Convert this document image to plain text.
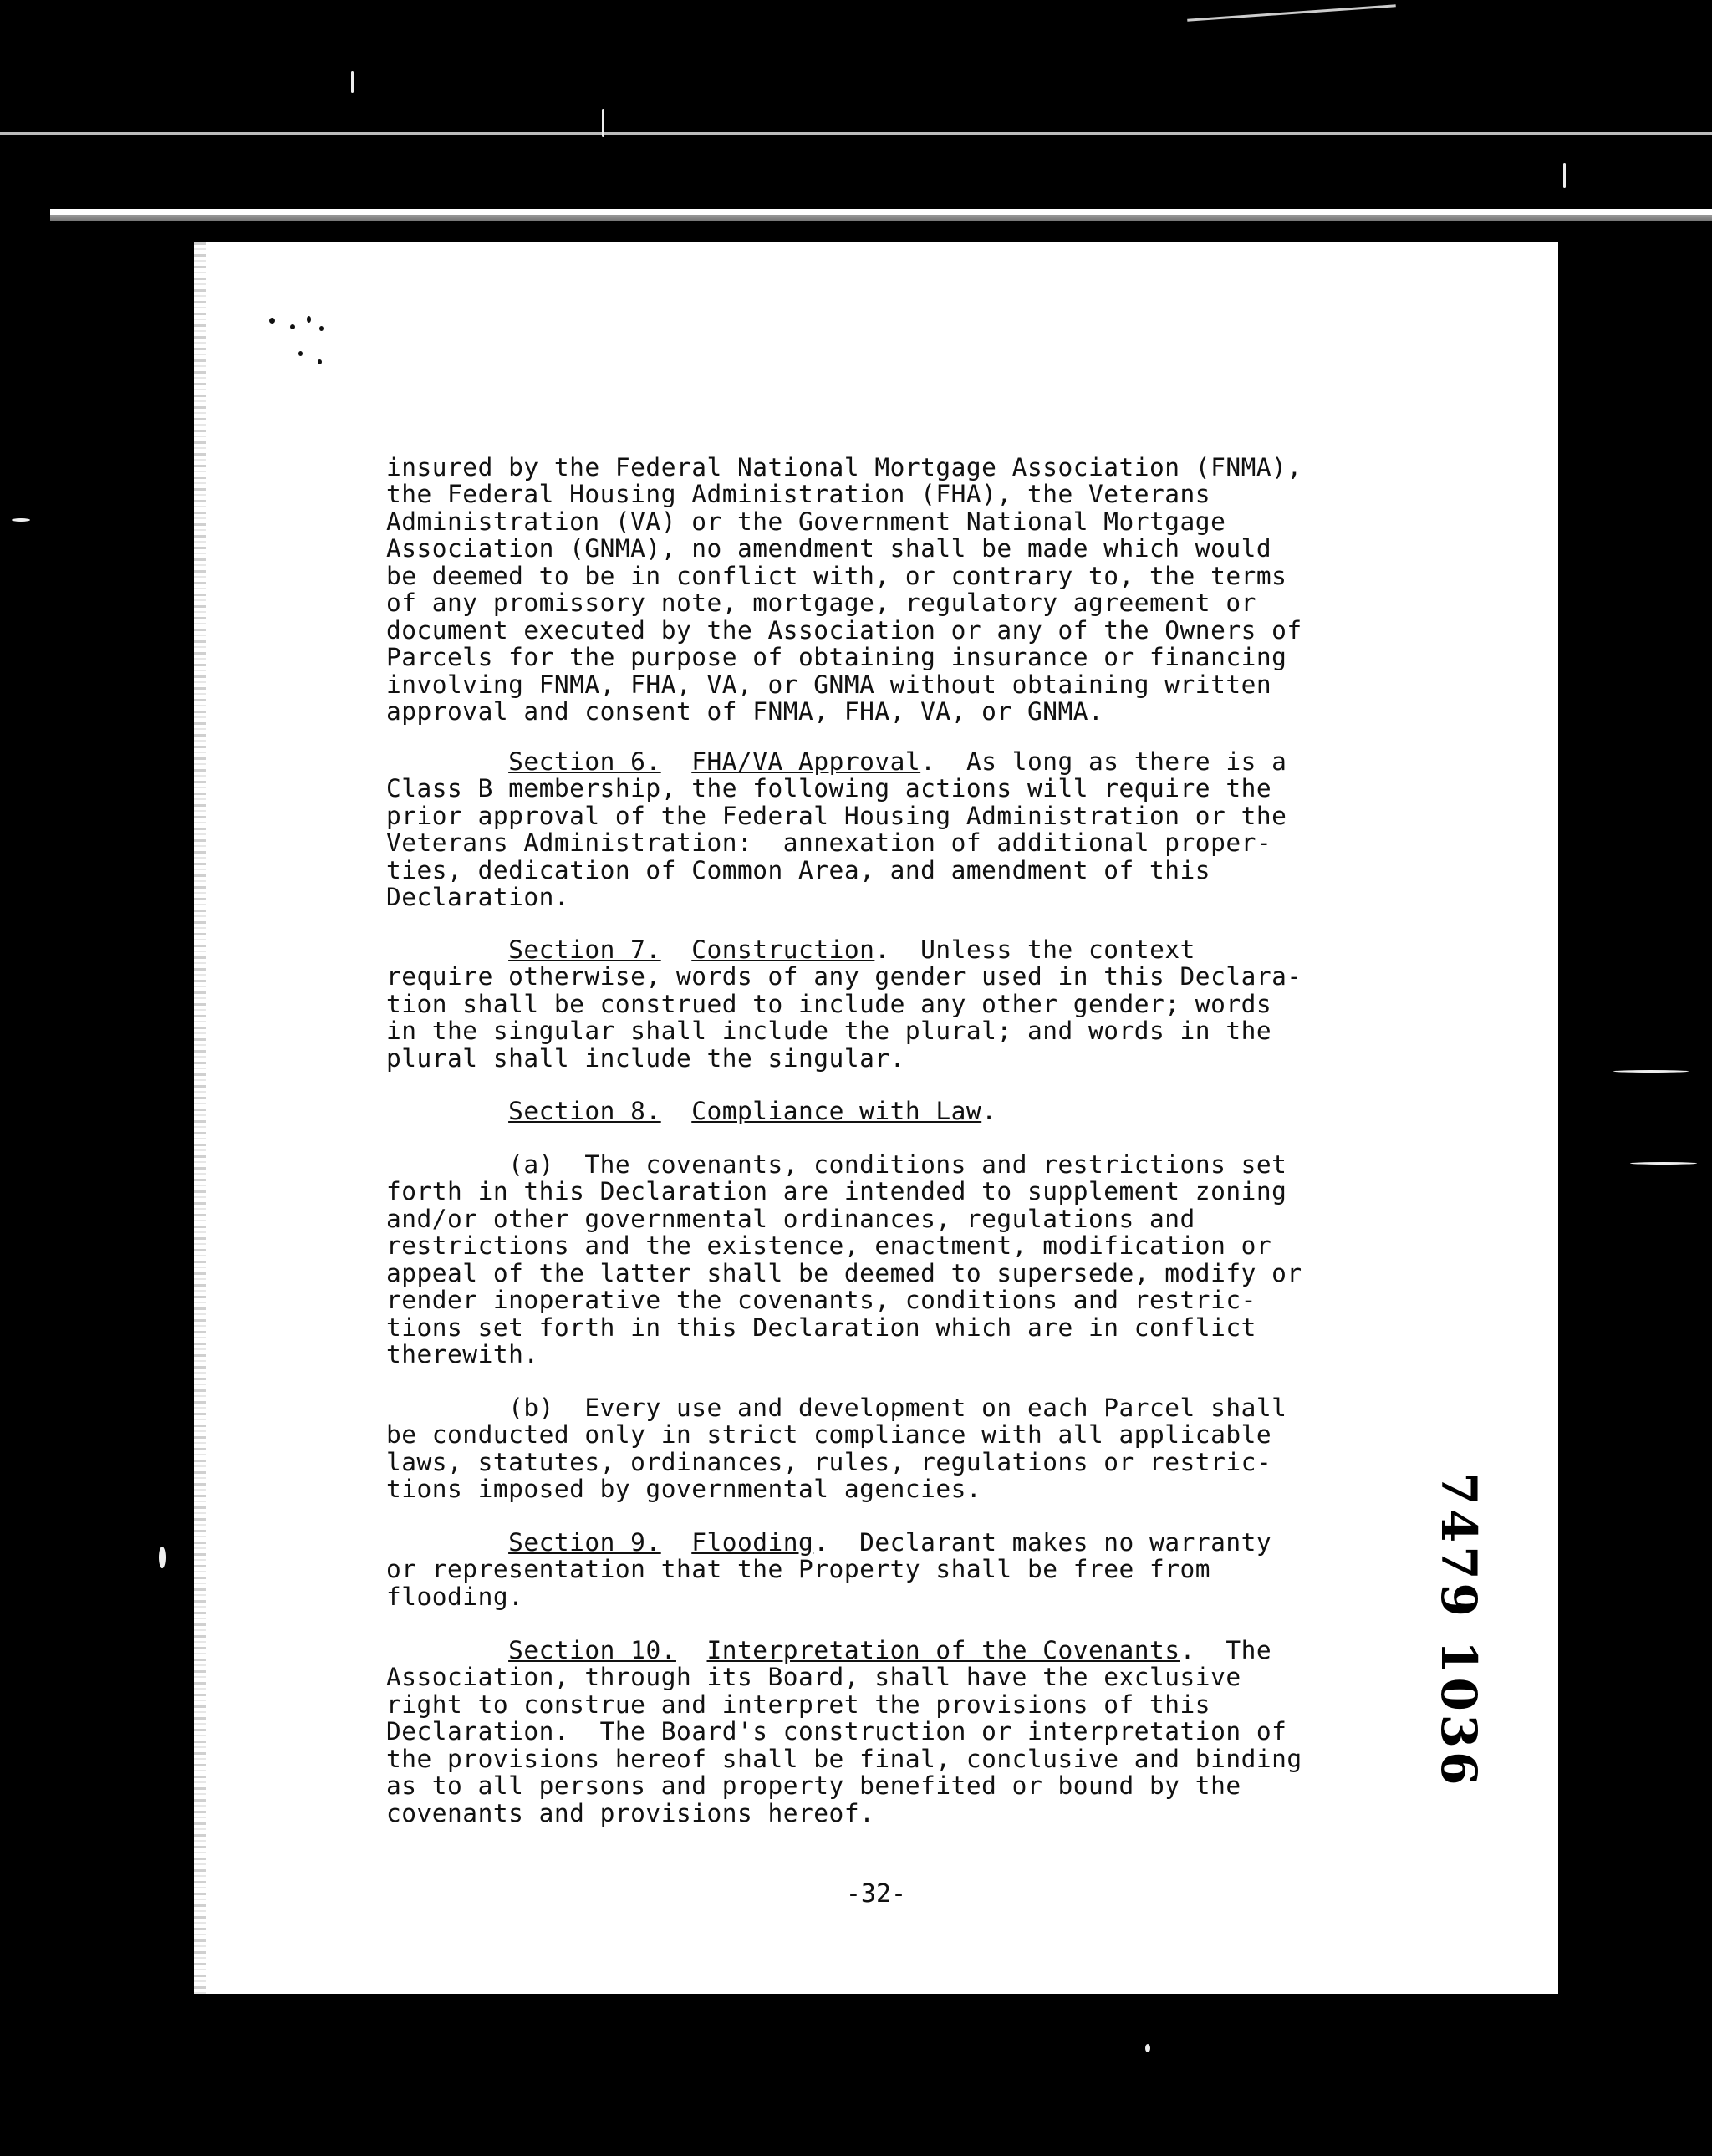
insured by the Federal National Mortgage Association (FNMA),
the Federal Housing Administration (FHA), the Veterans
Administration (VA) or the Government National Mortgage
Association (GNMA), no amendment shall be made which would
be deemed to be in conflict with, or contrary to, the terms
of any promissory note, mortgage, regulatory agreement or
document executed by the Association or any of the Owners of
Parcels for the purpose of obtaining insurance or financing
involving FNMA, FHA, VA, or GNMA without obtaining written
approval and consent of FNMA, FHA, VA, or GNMA.

Section 6. FHA/VA Approval.  As long as there is a
Class B membership, the following actions will require the
prior approval of the Federal Housing Administration or the
Veterans Administration:  annexation of additional proper-
ties, dedication of Common Area, and amendment of this
Declaration.

Section 7. Construction.  Unless the context
require otherwise, words of any gender used in this Declara-
tion shall be construed to include any other gender; words
in the singular shall include the plural; and words in the
plural shall include the singular.

Section 8. Compliance with Law.

(a)  The covenants, conditions and restrictions set
forth in this Declaration are intended to supplement zoning
and/or other governmental ordinances, regulations and
restrictions and the existence, enactment, modification or
appeal of the latter shall be deemed to supersede, modify or
render inoperative the covenants, conditions and restric-
tions set forth in this Declaration which are in conflict
therewith.

(b)  Every use and development on each Parcel shall
be conducted only in strict compliance with all applicable
laws, statutes, ordinances, rules, regulations or restric-
tions imposed by governmental agencies.

Section 9. Flooding.  Declarant makes no warranty
or representation that the Property shall be free from
flooding.

Section 10. Interpretation of the Covenants.  The
Association, through its Board, shall have the exclusive
right to construe and interpret the provisions of this
Declaration.  The Board's construction or interpretation of
the provisions hereof shall be final, conclusive and binding
as to all persons and property benefited or bound by the
covenants and provisions hereof.

-32-
7479 1036
